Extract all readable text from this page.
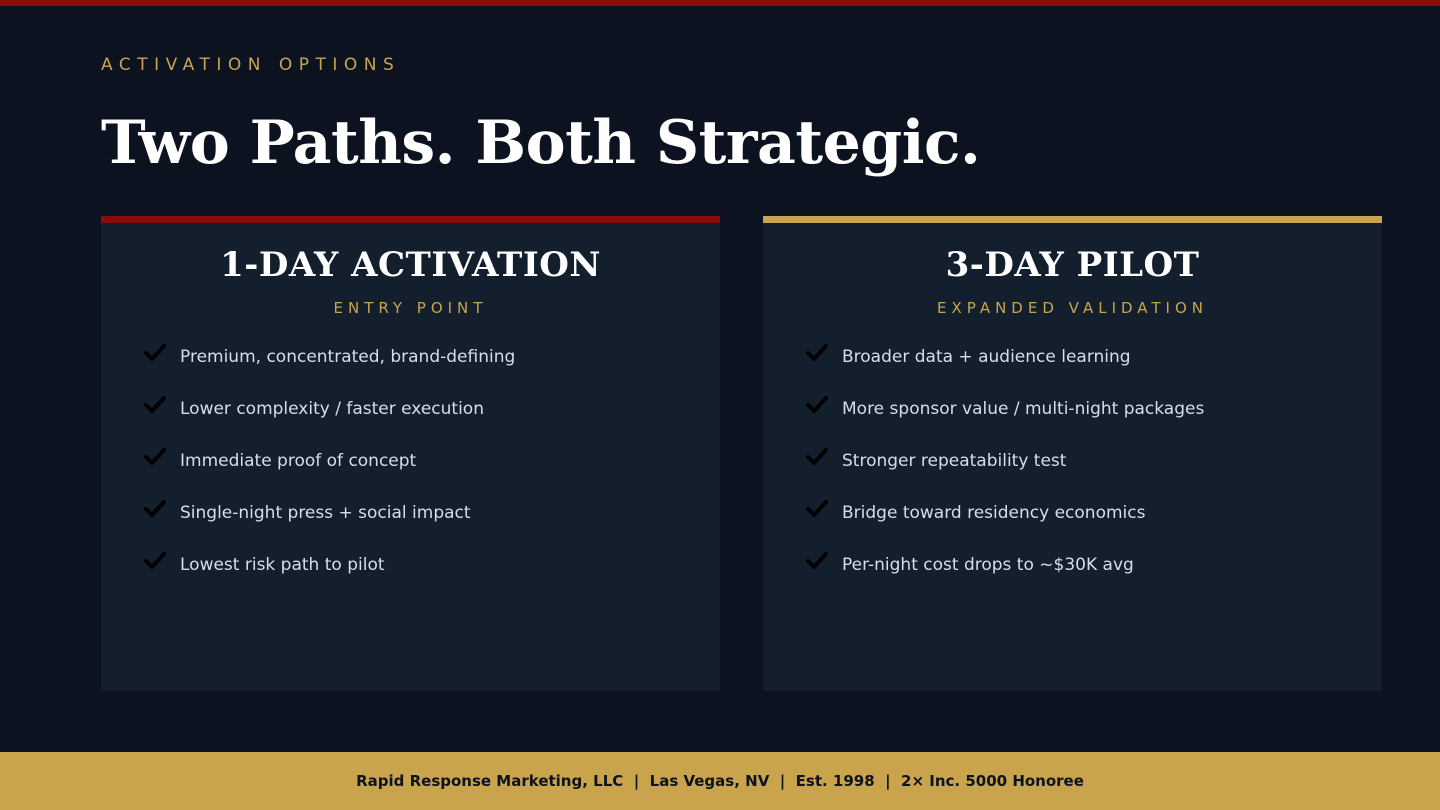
ACTIVATION OPTIONS
Two Paths. Both Strategic.
1-DAY ACTIVATION
ENTRY POINT
Premium, concentrated, brand-defining
Lower complexity / faster execution
Immediate proof of concept
Single-night press + social impact
Lowest risk path to pilot
3-DAY PILOT
EXPANDED VALIDATION
Broader data + audience learning
More sponsor value / multi-night packages
Stronger repeatability test
Bridge toward residency economics
Per-night cost drops to ~$30K avg
Rapid Response Marketing, LLC  |  Las Vegas, NV  |  Est. 1998  |  2× Inc. 5000 Honoree
